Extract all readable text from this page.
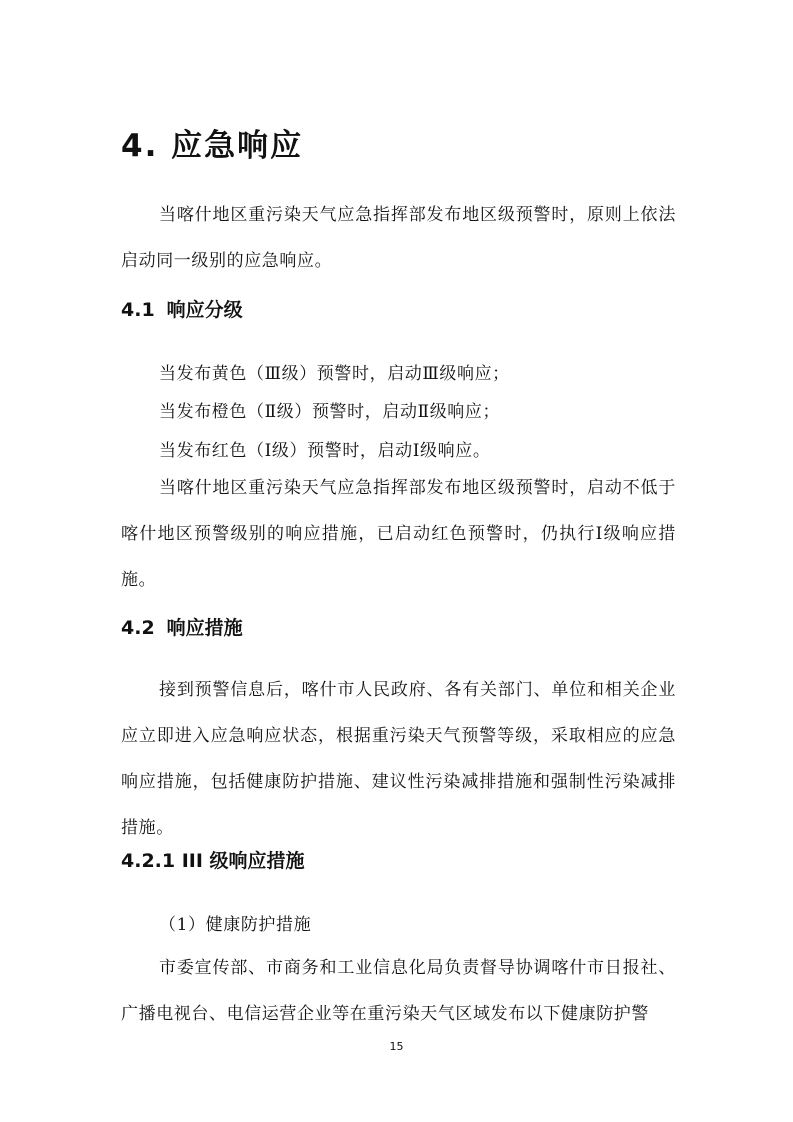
4. 应急响应

当喀什地区重污染天气应急指挥部发布地区级预警时，原则上依法启动同一级别的应急响应。

4.1 响应分级

当发布黄色（Ⅲ级）预警时，启动Ⅲ级响应；

当发布橙色（Ⅱ级）预警时，启动Ⅱ级响应；

当发布红色（Ⅰ级）预警时，启动Ⅰ级响应。

当喀什地区重污染天气应急指挥部发布地区级预警时，启动不低于喀什地区预警级别的响应措施，已启动红色预警时，仍执行Ⅰ级响应措施。

4.2 响应措施

接到预警信息后，喀什市人民政府、各有关部门、单位和相关企业应立即进入应急响应状态，根据重污染天气预警等级，采取相应的应急响应措施，包括健康防护措施、建议性污染减排措施和强制性污染减排措施。

4.2.1 III 级响应措施

（1）健康防护措施

市委宣传部、市商务和工业信息化局负责督导协调喀什市日报社、广播电视台、电信运营企业等在重污染天气区域发布以下健康防护警

15
